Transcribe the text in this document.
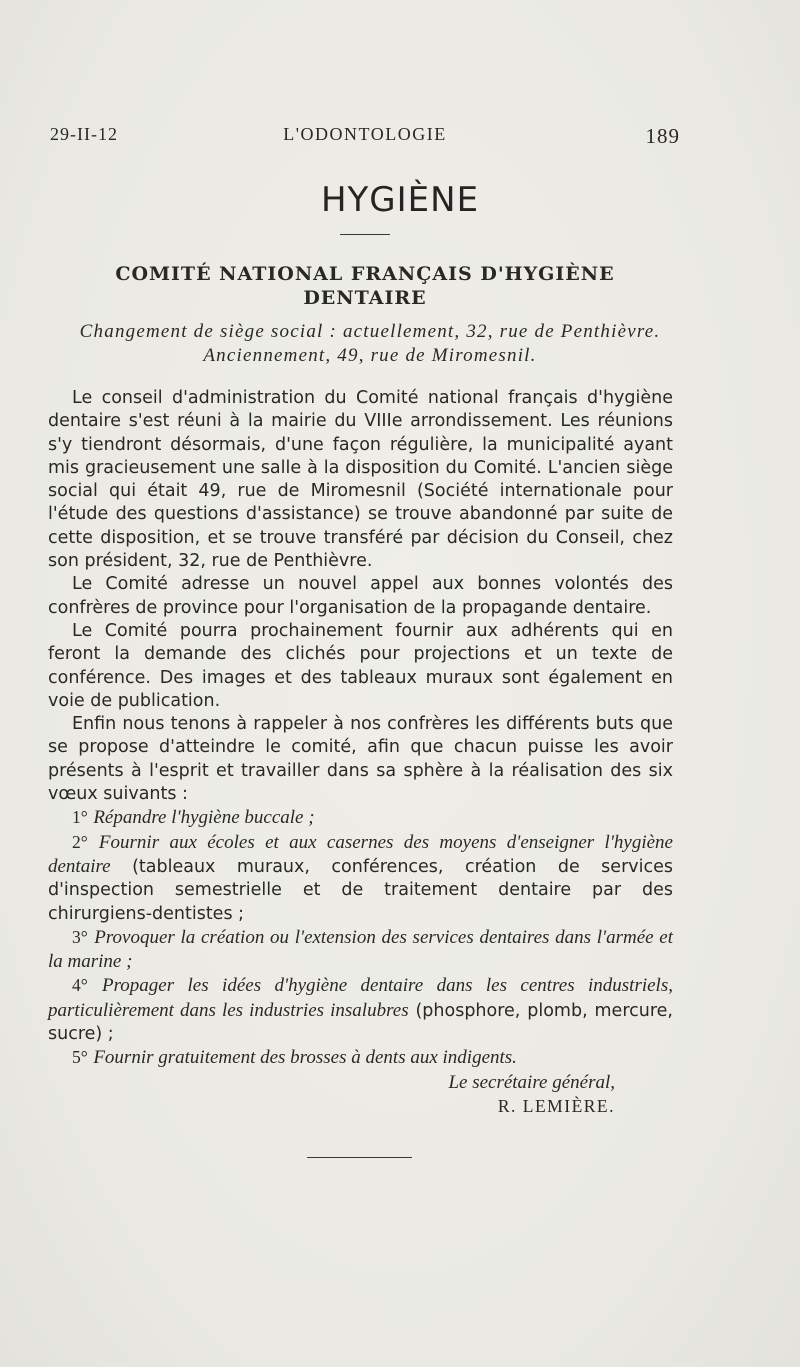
29-II-12	L'ODONTOLOGIE	189
HYGIÈNE
COMITÉ NATIONAL FRANÇAIS D'HYGIÈNE
DENTAIRE
Changement de siège social : actuellement, 32, rue de Penthièvre.
Anciennement, 49, rue de Miromesnil.

Le conseil d'administration du Comité national français d'hygiène dentaire s'est réuni à la mairie du VIIIe arrondissement. Les réunions s'y tiendront désormais, d'une façon régulière, la municipalité ayant mis gracieusement une salle à la disposition du Comité. L'ancien siège social qui était 49, rue de Miromesnil (Société internationale pour l'étude des questions d'assistance) se trouve abandonné par suite de cette disposition, et se trouve transféré par décision du Conseil, chez son président, 32, rue de Penthièvre.

Le Comité adresse un nouvel appel aux bonnes volontés des confrères de province pour l'organisation de la propagande dentaire.

Le Comité pourra prochainement fournir aux adhérents qui en feront la demande des clichés pour projections et un texte de conférence. Des images et des tableaux muraux sont également en voie de publication.

Enfin nous tenons à rappeler à nos confrères les différents buts que se propose d'atteindre le comité, afin que chacun puisse les avoir présents à l'esprit et travailler dans sa sphère à la réalisation des six vœux suivants :

1° Répandre l'hygiène buccale ;

2° Fournir aux écoles et aux casernes des moyens d'enseigner l'hygiène dentaire (tableaux muraux, conférences, création de services d'inspection semestrielle et de traitement dentaire par des chirurgiens-dentistes ;

3° Provoquer la création ou l'extension des services dentaires dans l'armée et la marine ;

4° Propager les idées d'hygiène dentaire dans les centres industriels, particulièrement dans les industries insalubres (phosphore, plomb, mercure, sucre) ;

5° Fournir gratuitement des brosses à dents aux indigents.

Le secrétaire général,

R. LEMIÈRE.
